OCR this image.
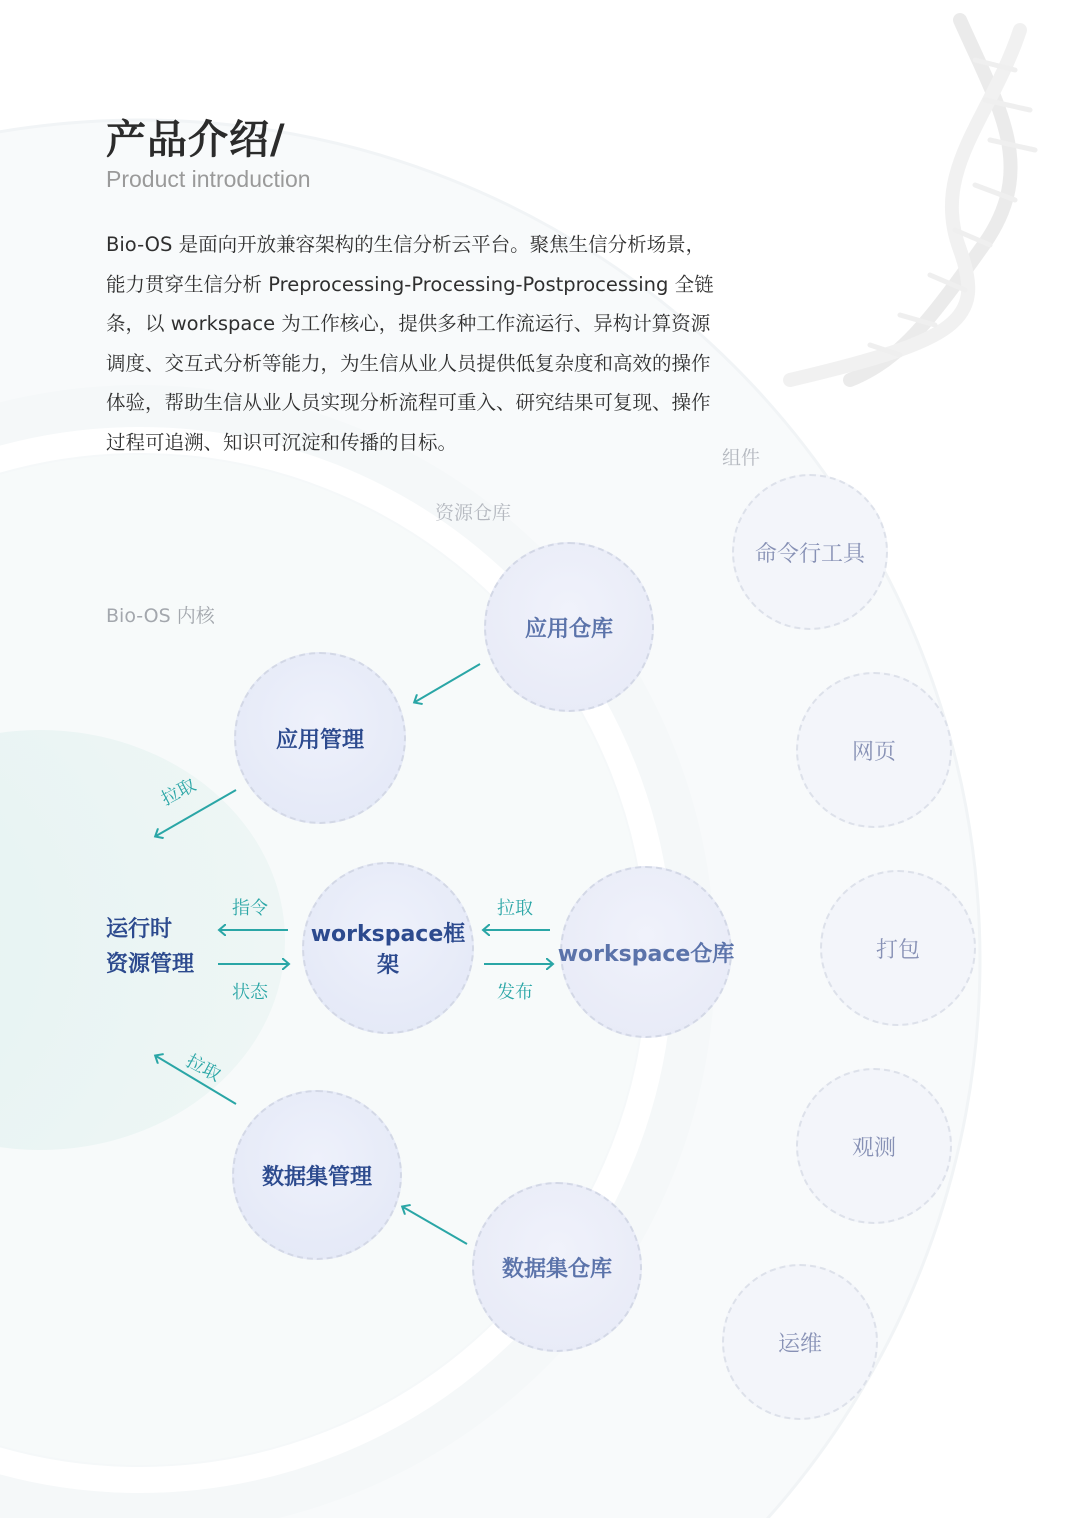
产品介绍/

Product introduction

Bio-OS 是面向开放兼容架构的生信分析云平台。聚焦生信分析场景，
能力贯穿生信分析 Preprocessing-Processing-Postprocessing 全链
条，以 workspace 为工作核心，提供多种工作流运行、异构计算资源
调度、交互式分析等能力，为生信从业人员提供低复杂度和高效的操作
体验，帮助生信从业人员实现分析流程可重入、研究结果可复现、操作
过程可追溯、知识可沉淀和传播的目标。

组件
资源仓库
Bio-OS 内核
应用管理
workspace框架
数据集管理
应用仓库
workspace仓库
数据集仓库
命令行工具
网页
打包
观测
运维

运行时
资源管理

拉取
指令
状态
拉取
发布
拉取
